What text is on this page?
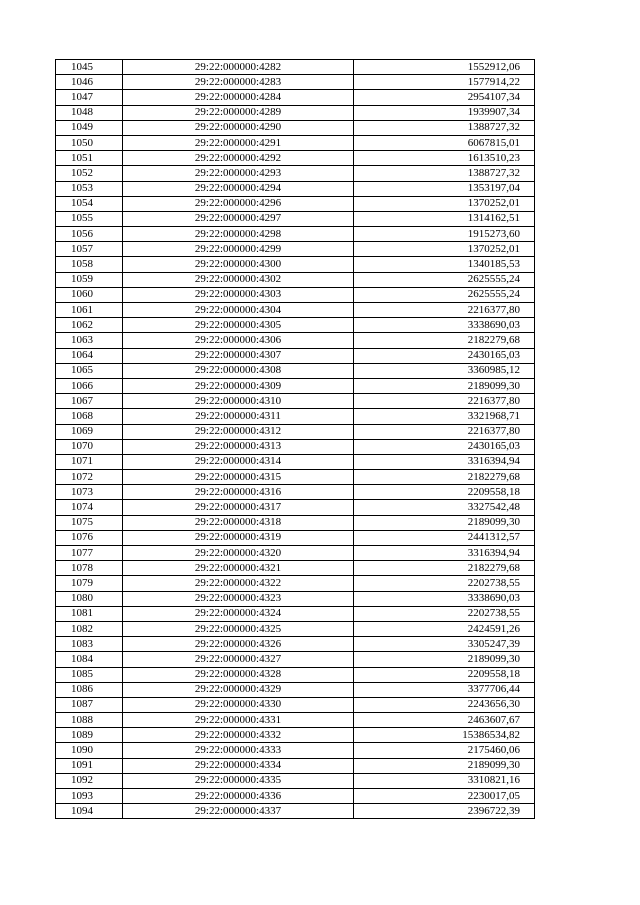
1045	29:22:000000:4282	1552912,06
1046	29:22:000000:4283	1577914,22
1047	29:22:000000:4284	2954107,34
1048	29:22:000000:4289	1939907,34
1049	29:22:000000:4290	1388727,32
1050	29:22:000000:4291	6067815,01
1051	29:22:000000:4292	1613510,23
1052	29:22:000000:4293	1388727,32
1053	29:22:000000:4294	1353197,04
1054	29:22:000000:4296	1370252,01
1055	29:22:000000:4297	1314162,51
1056	29:22:000000:4298	1915273,60
1057	29:22:000000:4299	1370252,01
1058	29:22:000000:4300	1340185,53
1059	29:22:000000:4302	2625555,24
1060	29:22:000000:4303	2625555,24
1061	29:22:000000:4304	2216377,80
1062	29:22:000000:4305	3338690,03
1063	29:22:000000:4306	2182279,68
1064	29:22:000000:4307	2430165,03
1065	29:22:000000:4308	3360985,12
1066	29:22:000000:4309	2189099,30
1067	29:22:000000:4310	2216377,80
1068	29:22:000000:4311	3321968,71
1069	29:22:000000:4312	2216377,80
1070	29:22:000000:4313	2430165,03
1071	29:22:000000:4314	3316394,94
1072	29:22:000000:4315	2182279,68
1073	29:22:000000:4316	2209558,18
1074	29:22:000000:4317	3327542,48
1075	29:22:000000:4318	2189099,30
1076	29:22:000000:4319	2441312,57
1077	29:22:000000:4320	3316394,94
1078	29:22:000000:4321	2182279,68
1079	29:22:000000:4322	2202738,55
1080	29:22:000000:4323	3338690,03
1081	29:22:000000:4324	2202738,55
1082	29:22:000000:4325	2424591,26
1083	29:22:000000:4326	3305247,39
1084	29:22:000000:4327	2189099,30
1085	29:22:000000:4328	2209558,18
1086	29:22:000000:4329	3377706,44
1087	29:22:000000:4330	2243656,30
1088	29:22:000000:4331	2463607,67
1089	29:22:000000:4332	15386534,82
1090	29:22:000000:4333	2175460,06
1091	29:22:000000:4334	2189099,30
1092	29:22:000000:4335	3310821,16
1093	29:22:000000:4336	2230017,05
1094	29:22:000000:4337	2396722,39
